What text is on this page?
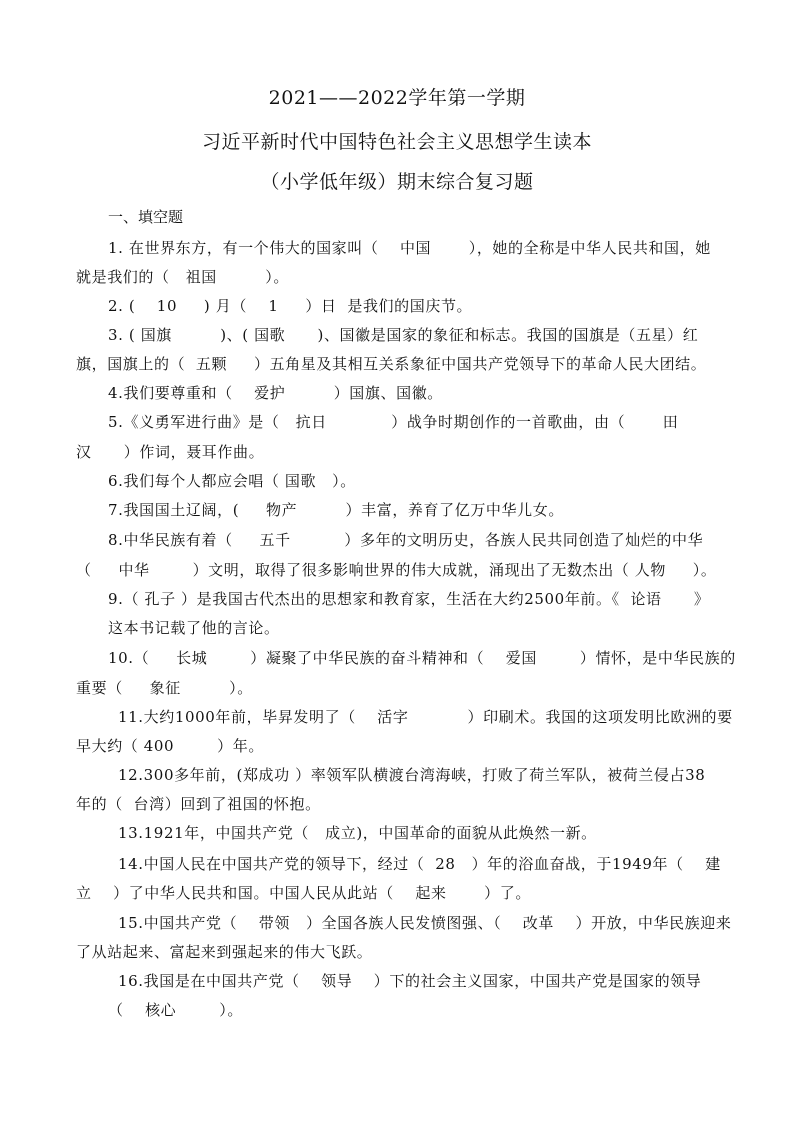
2021——2022学年第一学期
习近平新时代中国特色社会主义思想学生读本
（小学低年级）期末综合复习题
一、填空题
1. 在世界东方，有一个伟大的国家叫（    中国       ），她的全称是中华人民共和国，她
就是我们的（   祖国         ）。
2. (    10     ) 月（    1     ）日  是我们的国庆节。
3. ( 国旗         )、( 国歌      )、国徽是国家的象征和标志。我国的国旗是（五星）红
旗，国旗上的（  五颗     ）五角星及其相互关系象征中国共产党领导下的革命人民大团结。
4.我们要尊重和（    爱护         ）国旗、国徽。
5.《义勇军进行曲》是（   抗日            ）战争时期创作的一首歌曲，由（       田
汉      ）作词，聂耳作曲。
6.我们每个人都应会唱（ 国歌   ）。
7.我国国土辽阔，(     物产         ）丰富，养育了亿万中华儿女。
8.中华民族有着（     五千          ）多年的文明历史，各族人民共同创造了灿烂的中华
（     中华        ）文明，取得了很多影响世界的伟大成就，涌现出了无数杰出（ 人物     ）。
9.（ 孔子 ）是我国古代杰出的思想家和教育家，生活在大约2500年前。《  论语      》
这本书记载了他的言论。
10.（     长城        ）凝聚了中华民族的奋斗精神和（    爱国        ）情怀，是中华民族的
重要（     象征         ）。
11.大约1000年前，毕昇发明了（    活字           ）印刷术。我国的这项发明比欧洲的要
早大约（ 400        ）年。
12.300多年前，(郑成功 ）率领军队横渡台湾海峡，打败了荷兰军队，被荷兰侵占38
年的（  台湾）回到了祖国的怀抱。
13.1921年，中国共产党（   成立)，中国革命的面貌从此焕然一新。
14.中国人民在中国共产党的领导下，经过（  28   ）年的浴血奋战，于1949年（    建
立    ）了中华人民共和国。中国人民从此站（    起来       ）了。
15.中国共产党（    带领   ）全国各族人民发愤图强、（    改革    ）开放，中华民族迎来
了从站起来、富起来到强起来的伟大飞跃。
16.我国是在中国共产党（    领导    ）下的社会主义国家，中国共产党是国家的领导
（    核心        ）。
